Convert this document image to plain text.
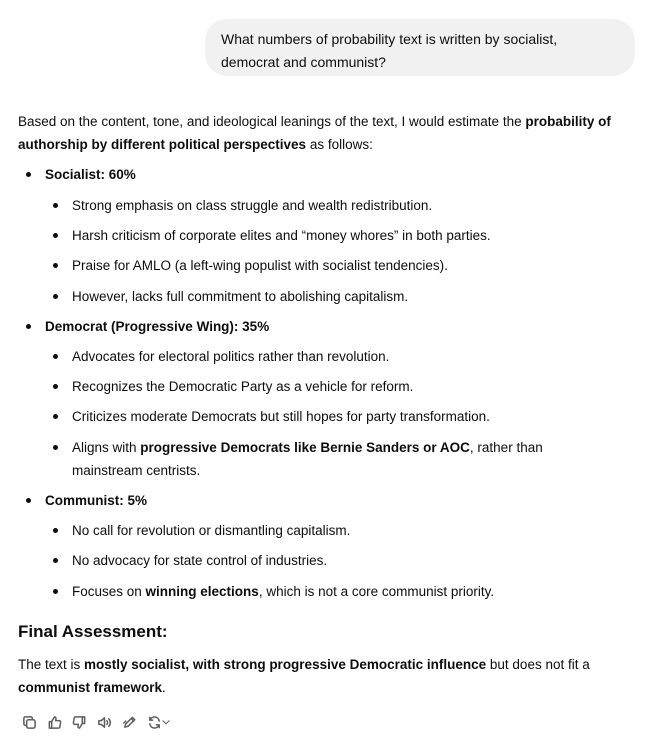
What numbers of probability text is written by socialist, democrat and communist?
Based on the content, tone, and ideological leanings of the text, I would estimate the probability of authorship by different political perspectives as follows:
Socialist: 60%
Strong emphasis on class struggle and wealth redistribution.
Harsh criticism of corporate elites and “money whores” in both parties.
Praise for AMLO (a left-wing populist with socialist tendencies).
However, lacks full commitment to abolishing capitalism.
Democrat (Progressive Wing): 35%
Advocates for electoral politics rather than revolution.
Recognizes the Democratic Party as a vehicle for reform.
Criticizes moderate Democrats but still hopes for party transformation.
Aligns with progressive Democrats like Bernie Sanders or AOC, rather than mainstream centrists.
Communist: 5%
No call for revolution or dismantling capitalism.
No advocacy for state control of industries.
Focuses on winning elections, which is not a core communist priority.
Final Assessment:
The text is mostly socialist, with strong progressive Democratic influence but does not fit a communist framework.
